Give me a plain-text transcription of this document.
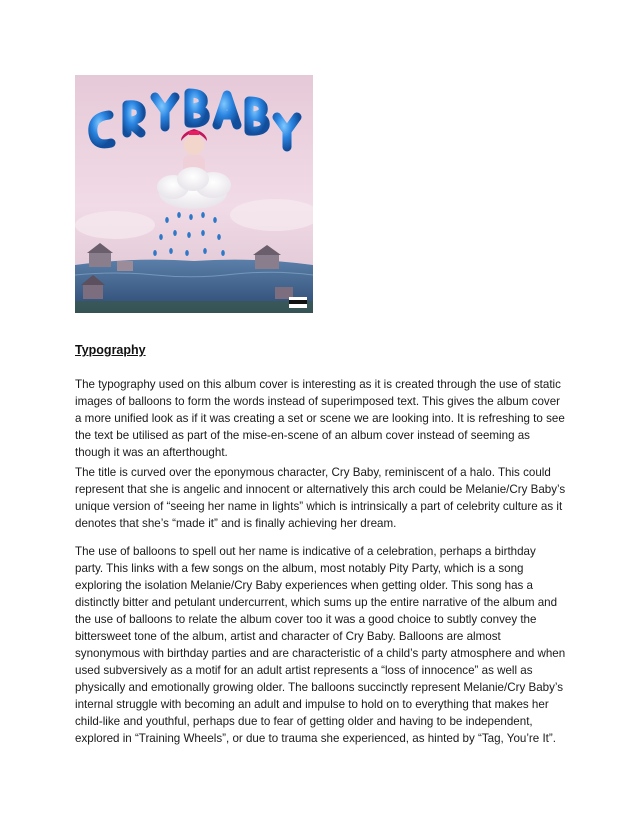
Typography

The typography used on this album cover is interesting as it is created through the use of static images of balloons to form the words instead of superimposed text. This gives the album cover a more unified look as if it was creating a set or scene we are looking into. It is refreshing to see the text be utilised as part of the mise-en-scene of an album cover instead of seeming as though it was an afterthought.

The title is curved over the eponymous character, Cry Baby, reminiscent of a halo. This could represent that she is angelic and innocent or alternatively this arch could be Melanie/Cry Baby’s unique version of “seeing her name in lights” which is intrinsically a part of celebrity culture as it denotes that she’s “made it” and is finally achieving her dream.

The use of balloons to spell out her name is indicative of a celebration, perhaps a birthday party. This links with a few songs on the album, most notably Pity Party, which is a song exploring the isolation Melanie/Cry Baby experiences when getting older. This song has a distinctly bitter and petulant undercurrent, which sums up the entire narrative of the album and the use of balloons to relate the album cover too it was a good choice to subtly convey the bittersweet tone of the album, artist and character of Cry Baby. Balloons are almost synonymous with birthday parties and are characteristic of a child’s party atmosphere and when used subversively as a motif for an adult artist represents a “loss of innocence” as well as physically and emotionally growing older. The balloons succinctly represent Melanie/Cry Baby’s internal struggle with becoming an adult and impulse to hold on to everything that makes her child-like and youthful, perhaps due to fear of getting older and having to be independent, explored in “Training Wheels”, or due to trauma she experienced, as hinted by “Tag, You’re It”.
